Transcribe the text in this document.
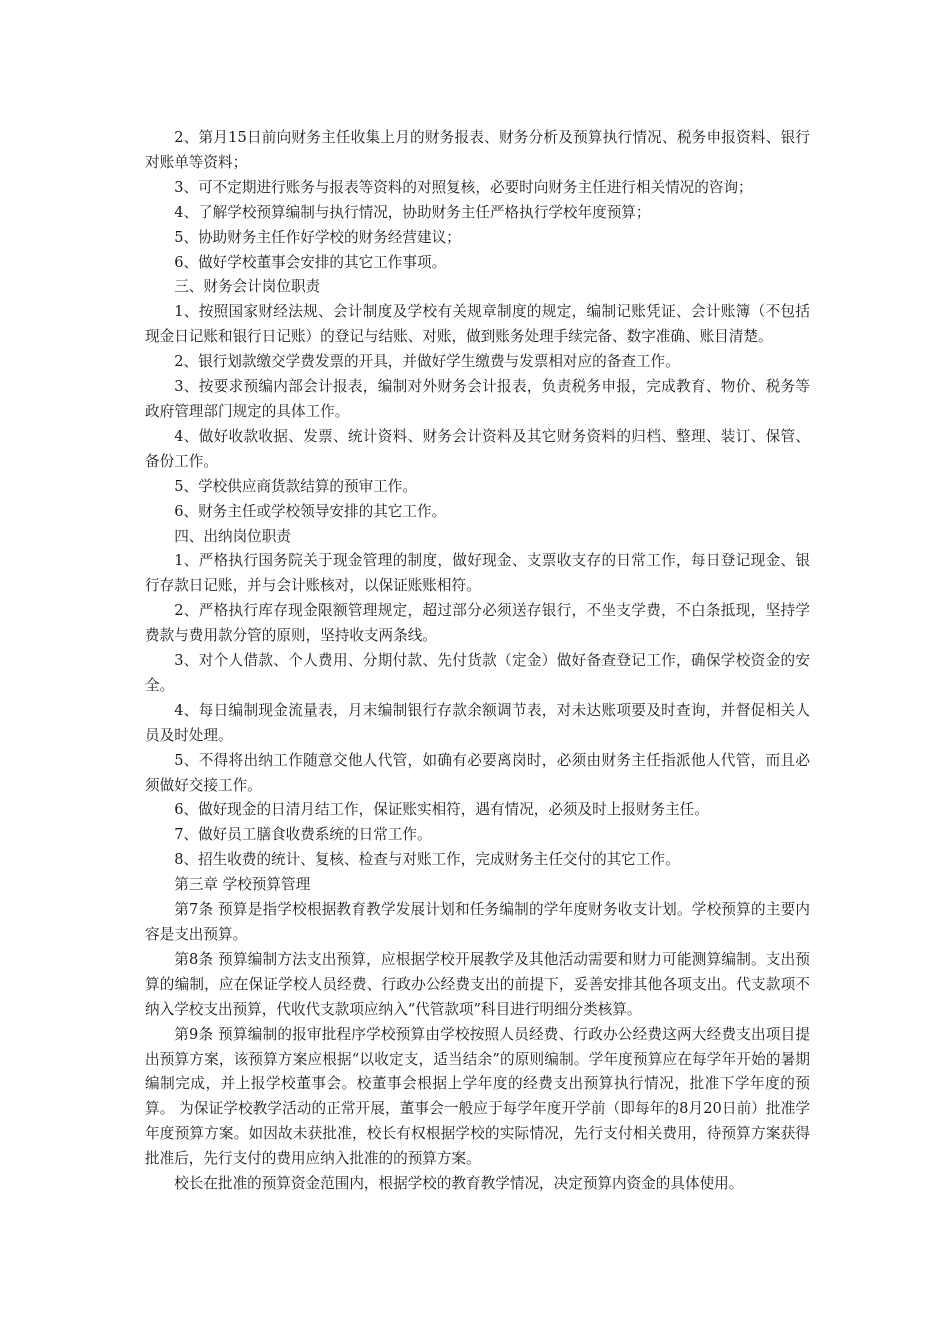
2、第月15日前向财务主任收集上月的财务报表、财务分析及预算执行情况、税务申报资料、银行对账单等资料；

3、可不定期进行账务与报表等资料的对照复核，必要时向财务主任进行相关情况的咨询；

4、了解学校预算编制与执行情况，协助财务主任严格执行学校年度预算；

5、协助财务主任作好学校的财务经营建议；

6、做好学校董事会安排的其它工作事项。

三、财务会计岗位职责

1、按照国家财经法规、会计制度及学校有关规章制度的规定，编制记账凭证、会计账簿（不包括现金日记账和银行日记账）的登记与结账、对账，做到账务处理手续完备、数字准确、账目清楚。

2、银行划款缴交学费发票的开具，并做好学生缴费与发票相对应的备查工作。

3、按要求预编内部会计报表，编制对外财务会计报表，负责税务申报，完成教育、物价、税务等政府管理部门规定的具体工作。

4、做好收款收据、发票、统计资料、财务会计资料及其它财务资料的归档、整理、装订、保管、备份工作。

5、学校供应商货款结算的预审工作。

6、财务主任或学校领导安排的其它工作。

四、出纳岗位职责

1、严格执行国务院关于现金管理的制度，做好现金、支票收支存的日常工作，每日登记现金、银行存款日记账，并与会计账核对，以保证账账相符。

2、严格执行库存现金限额管理规定，超过部分必须送存银行，不坐支学费，不白条抵现，坚持学费款与费用款分管的原则，坚持收支两条线。

3、对个人借款、个人费用、分期付款、先付货款（定金）做好备查登记工作，确保学校资金的安全。

4、每日编制现金流量表，月末编制银行存款余额调节表，对未达账项要及时查询，并督促相关人员及时处理。

5、不得将出纳工作随意交他人代管，如确有必要离岗时，必须由财务主任指派他人代管，而且必须做好交接工作。

6、做好现金的日清月结工作，保证账实相符，遇有情况，必须及时上报财务主任。

7、做好员工膳食收费系统的日常工作。

8、招生收费的统计、复核、检查与对账工作，完成财务主任交付的其它工作。

第三章 学校预算管理

第7条 预算是指学校根据教育教学发展计划和任务编制的学年度财务收支计划。学校预算的主要内容是支出预算。

第8条 预算编制方法支出预算，应根据学校开展教学及其他活动需要和财力可能测算编制。支出预算的编制，应在保证学校人员经费、行政办公经费支出的前提下，妥善安排其他各项支出。代支款项不纳入学校支出预算，代收代支款项应纳入“代管款项”科目进行明细分类核算。

第9条 预算编制的报审批程序学校预算由学校按照人员经费、行政办公经费这两大经费支出项目提出预算方案，该预算方案应根据“以收定支，适当结余”的原则编制。学年度预算应在每学年开始的暑期编制完成，并上报学校董事会。校董事会根据上学年度的经费支出预算执行情况，批准下学年度的预算。 为保证学校教学活动的正常开展，董事会一般应于每学年度开学前（即每年的8月20日前）批准学年度预算方案。如因故未获批准，校长有权根据学校的实际情况，先行支付相关费用，待预算方案获得批准后，先行支付的费用应纳入批准的的预算方案。

校长在批准的预算资金范围内，根据学校的教育教学情况，决定预算内资金的具体使用。
